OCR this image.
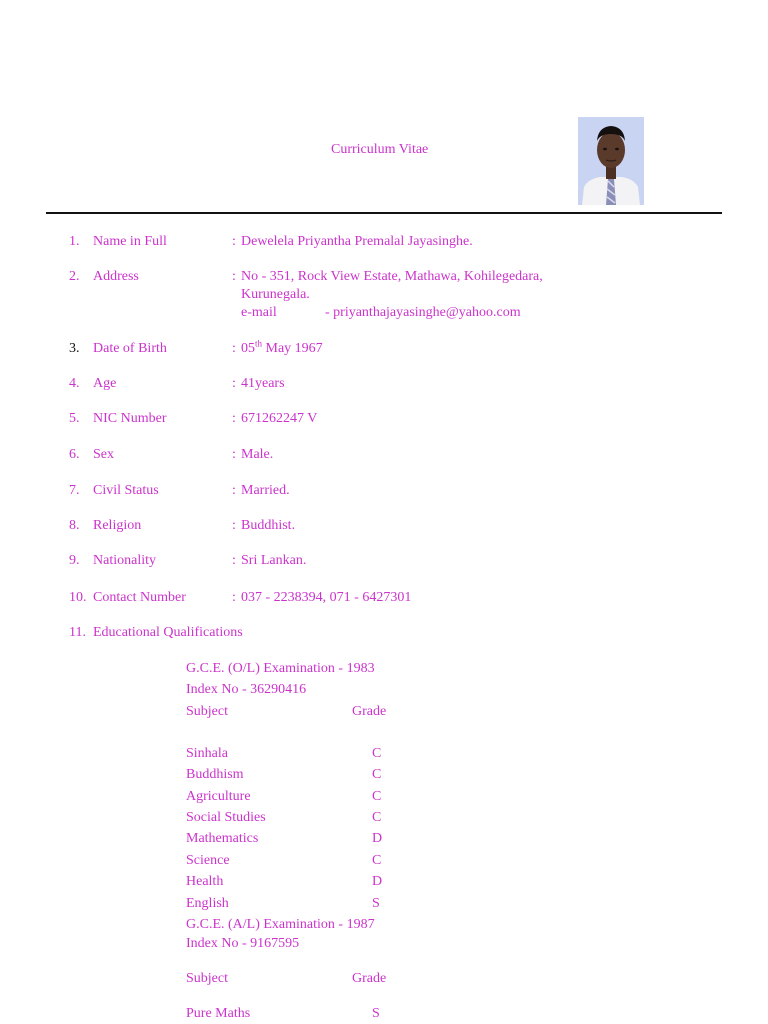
Curriculum Vitae
1. Name in Full	: Dewelela Priyantha Premalal Jayasinghe.
2. Address	: No - 351, Rock View Estate, Mathawa, Kohilegedara,
Kurunegala.
e-mail	- priyanthajayasinghe@yahoo.com
3. Date of Birth	: 05th May 1967
4. Age	: 41years
5. NIC Number	: 671262247 V
6. Sex	: Male.
7. Civil Status	: Married.
8. Religion	: Buddhist.
9. Nationality	: Sri Lankan.
10. Contact Number	: 037 - 2238394, 071 - 6427301
11. Educational Qualifications
G.C.E. (O/L) Examination - 1983
Index No - 36290416
Subject	Grade
Sinhala	C
Buddhism	C
Agriculture	C
Social Studies	C
Mathematics	D
Science	C
Health	D
English	S
G.C.E. (A/L) Examination - 1987
Index No - 9167595
Subject	Grade
Pure Maths	S
